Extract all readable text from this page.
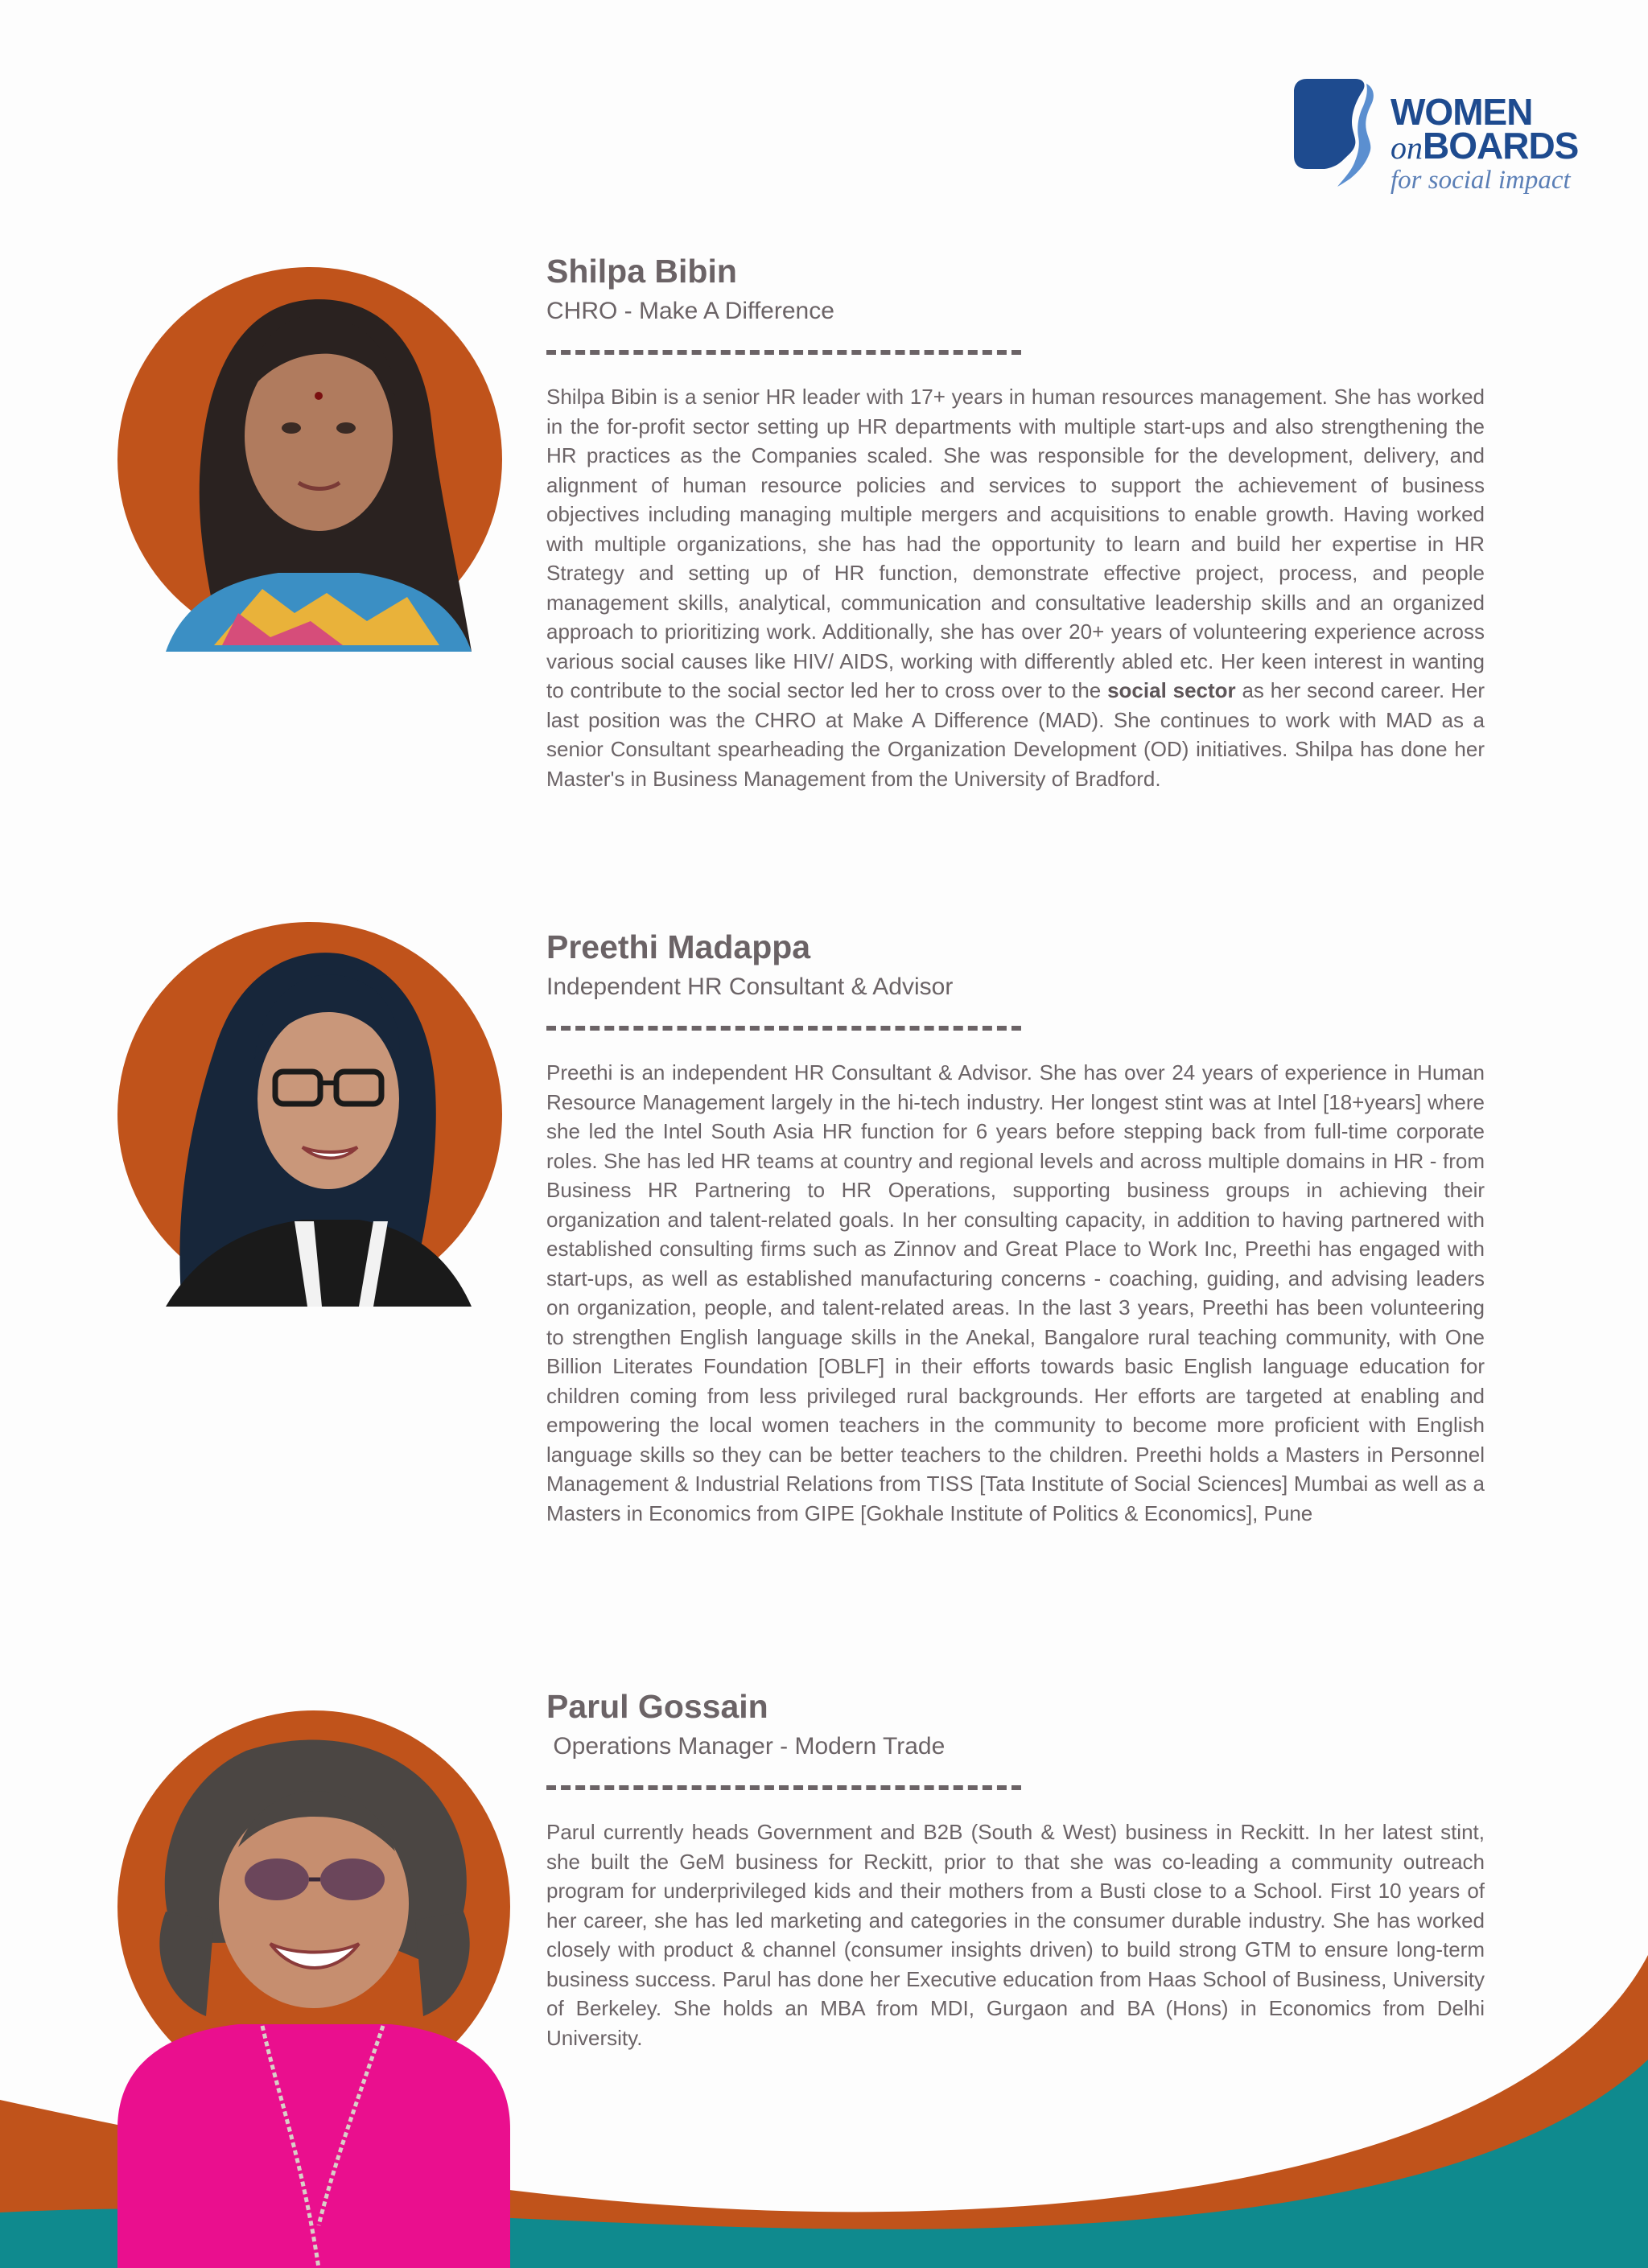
WOMEN
onBOARDS
for social impact
Shilpa Bibin
CHRO - Make A Difference
Shilpa Bibin is a senior HR leader with 17+ years in human resources management. She has worked in the for-profit sector setting up HR departments with multiple start-ups and also strengthening the HR practices as the Companies scaled. She was responsible for the development, delivery, and alignment of human resource policies and services to support the achievement of business objectives including managing multiple mergers and acquisitions to enable growth. Having worked with multiple organizations, she has had the opportunity to learn and build her expertise in HR Strategy and setting up of HR function, demonstrate effective project, process, and people management skills, analytical, communication and consultative leadership skills and an organized approach to prioritizing work. Additionally, she has over 20+ years of volunteering experience across various social causes like HIV/ AIDS, working with differently abled etc. Her keen interest in wanting to contribute to the social sector led her to cross over to the social sector as her second career. Her last position was the CHRO at Make A Difference (MAD). She continues to work with MAD as a senior Consultant spearheading the Organization Development (OD) initiatives. Shilpa has done her Master's in Business Management from the University of Bradford.
Preethi Madappa
Independent HR Consultant & Advisor
Preethi is an independent HR Consultant & Advisor. She has over 24 years of experience in Human Resource Management largely in the hi-tech industry. Her longest stint was at Intel [18+years] where she led the Intel South Asia HR function for 6 years before stepping back from full-time corporate roles. She has led HR teams at country and regional levels and across multiple domains in HR - from Business HR Partnering to HR Operations, supporting business groups in achieving their organization and talent-related goals. In her consulting capacity, in addition to having partnered with established consulting firms such as Zinnov and Great Place to Work Inc, Preethi has engaged with start-ups, as well as established manufacturing concerns - coaching, guiding, and advising leaders on organization, people, and talent-related areas. In the last 3 years, Preethi has been volunteering to strengthen English language skills in the Anekal, Bangalore rural teaching community, with One Billion Literates Foundation [OBLF] in their efforts towards basic English language education for children coming from less privileged rural backgrounds. Her efforts are targeted at enabling and empowering the local women teachers in the community to become more proficient with English language skills so they can be better teachers to the children. Preethi holds a Masters in Personnel Management & Industrial Relations from TISS [Tata Institute of Social Sciences] Mumbai as well as a Masters in Economics from GIPE [Gokhale Institute of Politics & Economics], Pune
Parul Gossain
Operations Manager - Modern Trade
Parul currently heads Government and B2B (South & West) business in Reckitt. In her latest stint, she built the GeM business for Reckitt, prior to that she was co-leading a community outreach program for underprivileged kids and their mothers from a Busti close to a School. First 10 years of her career, she has led marketing and categories in the consumer durable industry. She has worked closely with product & channel (consumer insights driven) to build strong GTM to ensure long-term business success. Parul has done her Executive education from Haas School of Business, University of Berkeley. She holds an MBA from MDI, Gurgaon and BA (Hons) in Economics from Delhi University.
